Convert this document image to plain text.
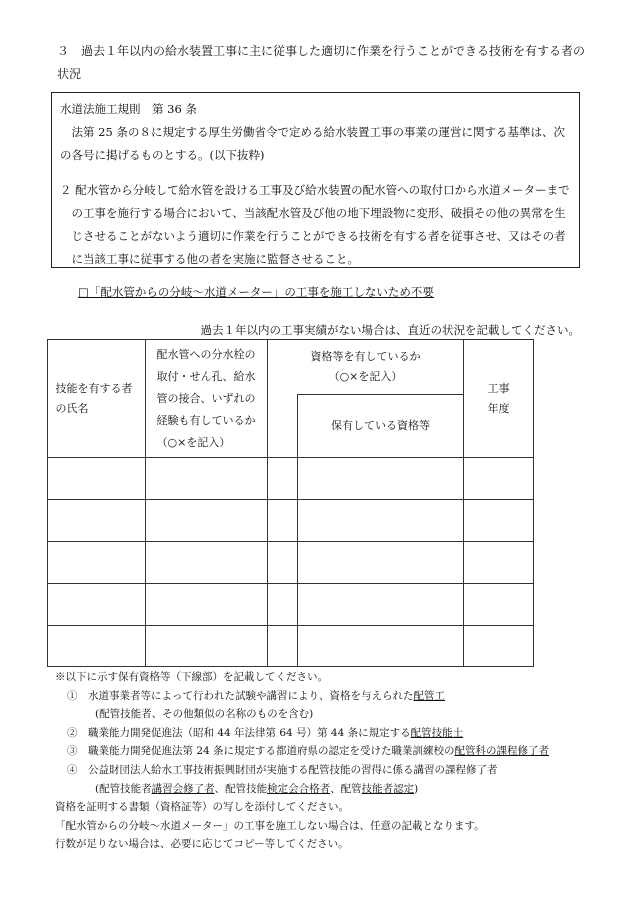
３　過去１年以内の給水装置工事に主に従事した適切に作業を行うことができる技術を有する者の状況

水道法施工規則　第 36 条

法第 25 条の８に規定する厚生労働省令で定める給水装置工事の事業の運営に関する基準は、次の各号に掲げるものとする。(以下抜粋)

２ 配水管から分岐して給水管を設ける工事及び給水装置の配水管への取付口から水道メーターまでの工事を施行する場合において、当該配水管及び他の地下埋設物に変形、破損その他の異常を生じさせることがないよう適切に作業を行うことができる技術を有する者を従事させ、又はその者に当該工事に従事する他の者を実施に監督させること。

□「配水管からの分岐～水道メーター」の工事を施工しないため不要
過去１年以内の工事実績がない場合は、直近の状況を記載してください。
技能を有する者の氏名	配水管への分水栓の取付・せん孔、給水管の接合、いずれの経験も有しているか（○×を記入）	資格等を有しているか（○×を記入）		工事年度

			保有している資格等	

※以下に示す保有資格等（下線部）を記載してください。

①　 水道事業者等によって行われた試験や講習により、資格を与えられた配管工

(配管技能者、その他類似の名称のものを含む)

②　 職業能力開発促進法（昭和 44 年法律第 64 号）第 44 条に規定する配管技能士

③　 職業能力開発促進法第 24 条に規定する都道府県の認定を受けた職業訓練校の配管科の課程修了者

④　 公益財団法人給水工事技術振興財団が実施する配管技能の習得に係る講習の課程修了者

(配管技能者講習会修了者、配管技能検定会合格者、配管技能者認定)

資格を証明する書類（資格証等）の写しを添付してください。

「配水管からの分岐～水道メーター」の工事を施工しない場合は、任意の記載となります。

行数が足りない場合は、必要に応じてコピー等してください。
